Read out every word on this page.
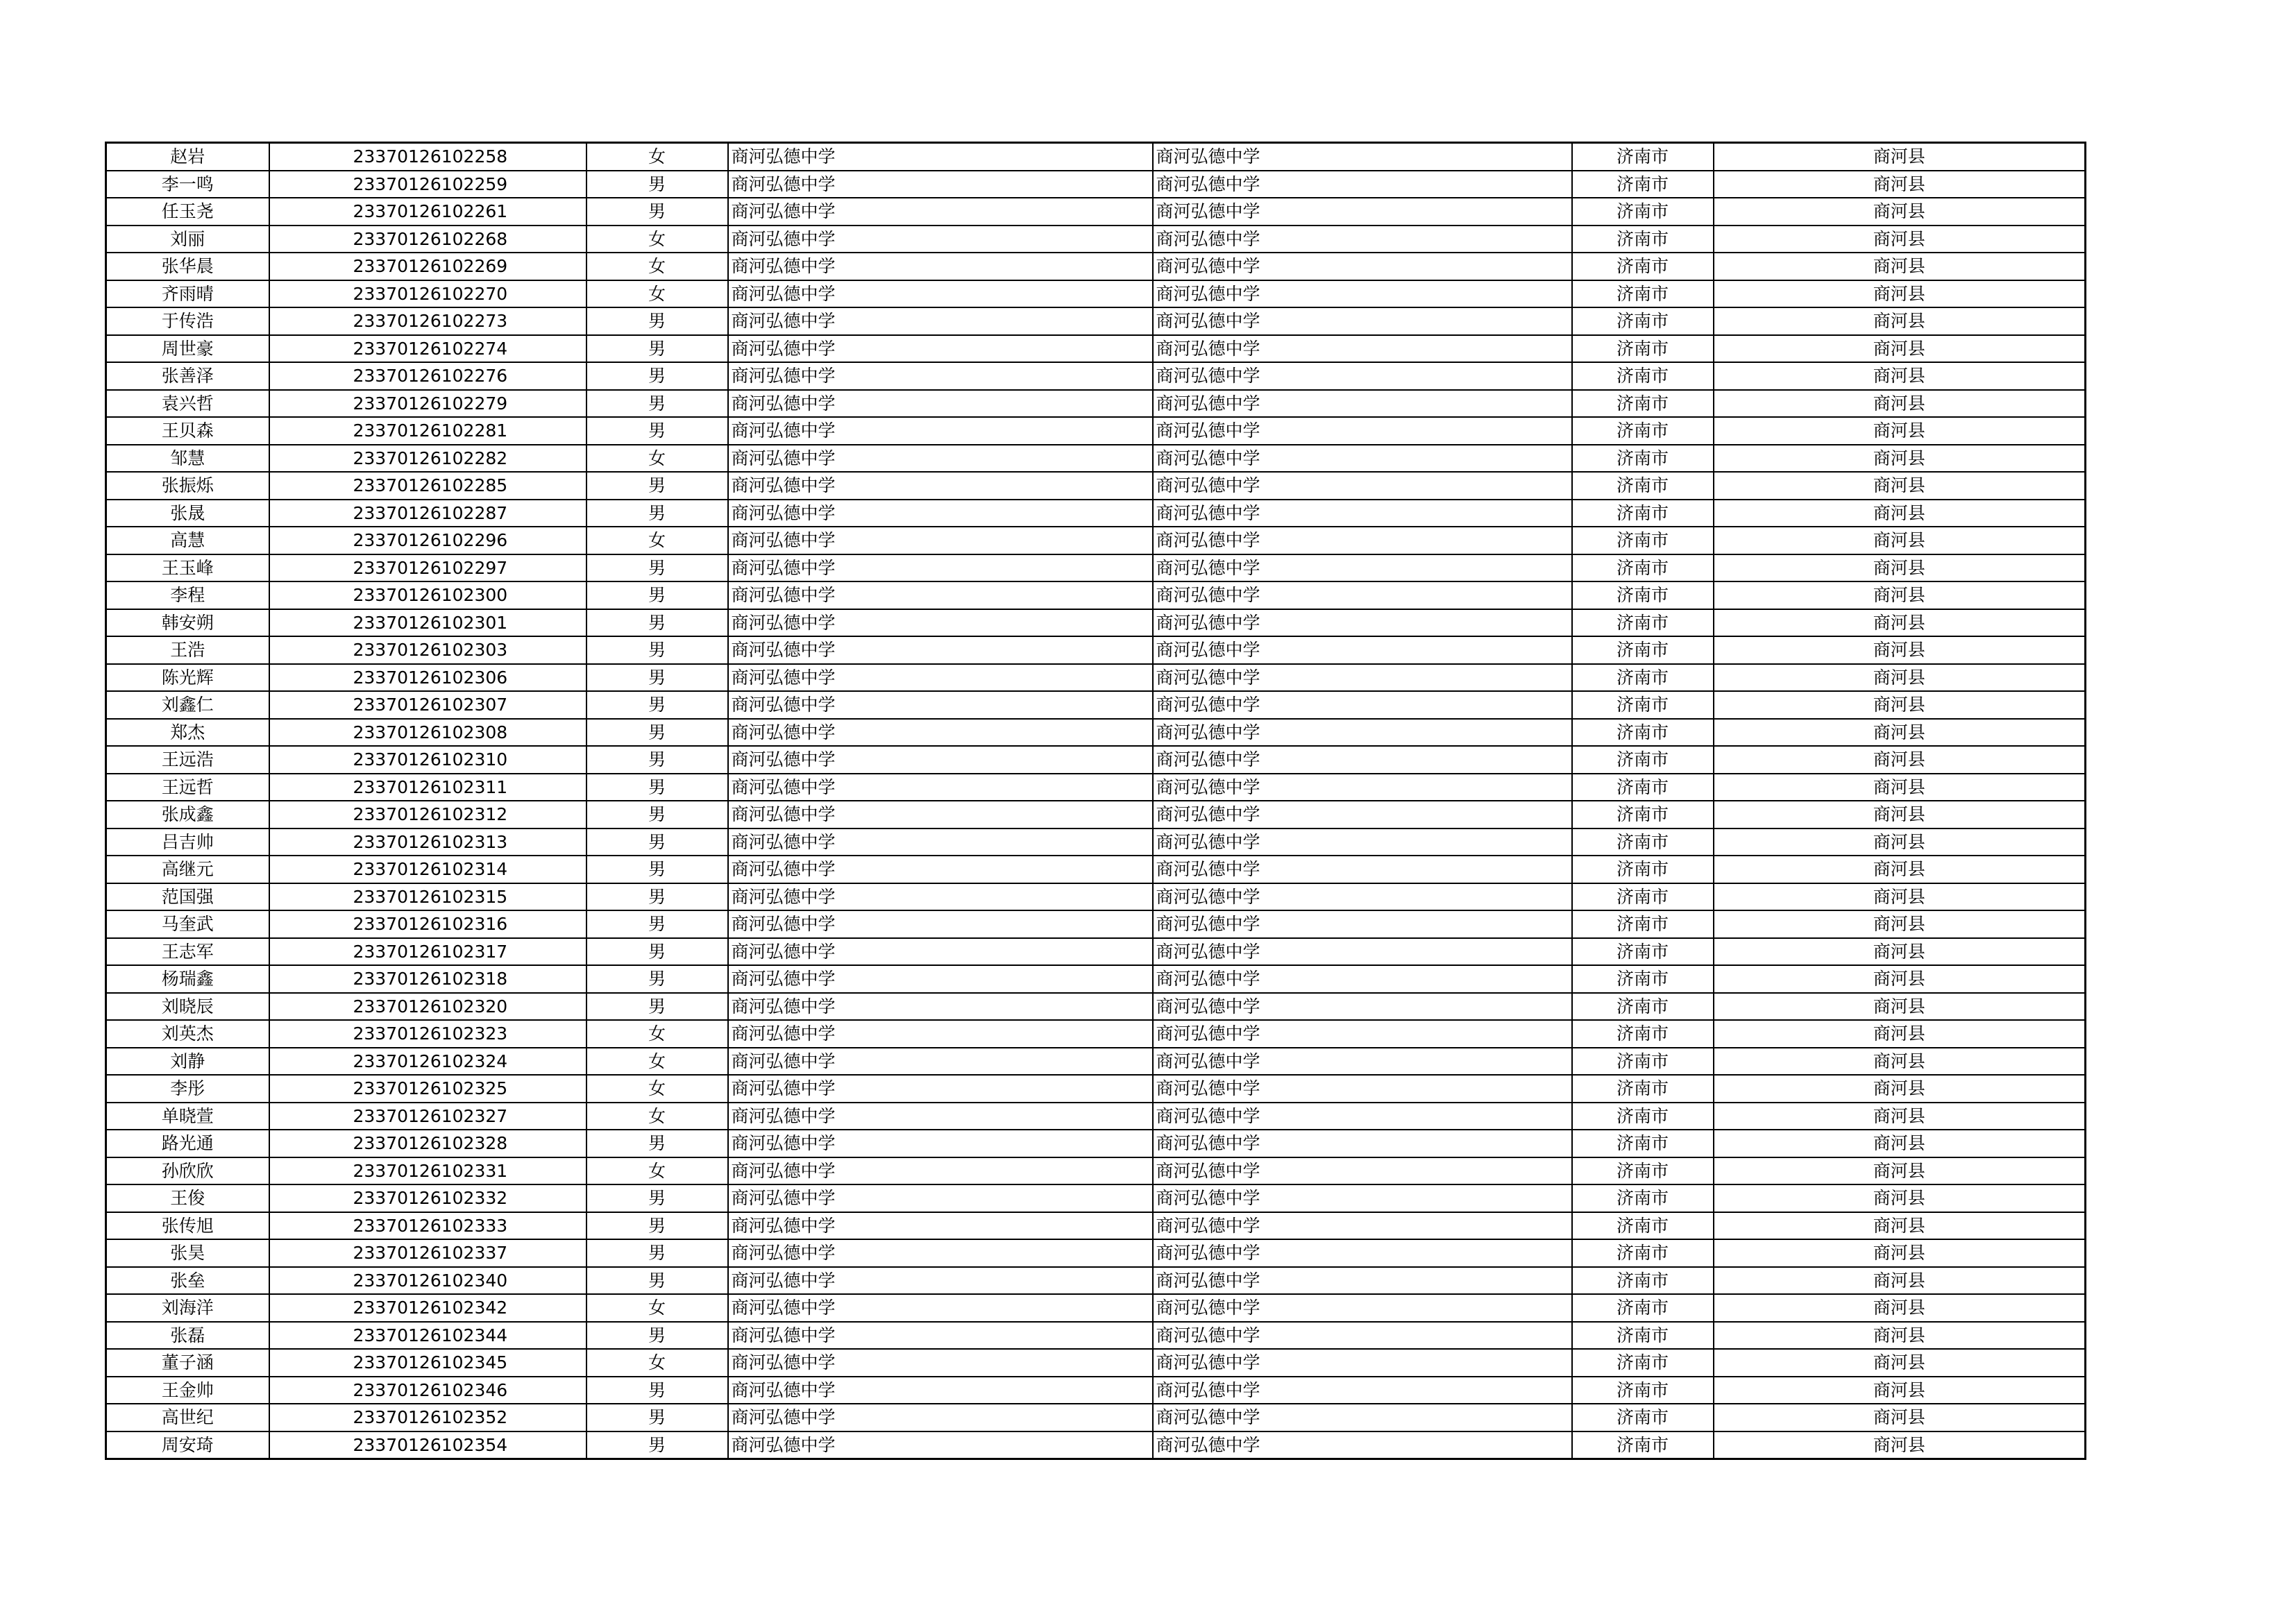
赵岩	23370126102258	女	商河弘德中学	商河弘德中学	济南市	商河县
李一鸣	23370126102259	男	商河弘德中学	商河弘德中学	济南市	商河县
任玉尧	23370126102261	男	商河弘德中学	商河弘德中学	济南市	商河县
刘丽	23370126102268	女	商河弘德中学	商河弘德中学	济南市	商河县
张华晨	23370126102269	女	商河弘德中学	商河弘德中学	济南市	商河县
齐雨晴	23370126102270	女	商河弘德中学	商河弘德中学	济南市	商河县
于传浩	23370126102273	男	商河弘德中学	商河弘德中学	济南市	商河县
周世豪	23370126102274	男	商河弘德中学	商河弘德中学	济南市	商河县
张善泽	23370126102276	男	商河弘德中学	商河弘德中学	济南市	商河县
袁兴哲	23370126102279	男	商河弘德中学	商河弘德中学	济南市	商河县
王贝森	23370126102281	男	商河弘德中学	商河弘德中学	济南市	商河县
邹慧	23370126102282	女	商河弘德中学	商河弘德中学	济南市	商河县
张振烁	23370126102285	男	商河弘德中学	商河弘德中学	济南市	商河县
张晟	23370126102287	男	商河弘德中学	商河弘德中学	济南市	商河县
高慧	23370126102296	女	商河弘德中学	商河弘德中学	济南市	商河县
王玉峰	23370126102297	男	商河弘德中学	商河弘德中学	济南市	商河县
李程	23370126102300	男	商河弘德中学	商河弘德中学	济南市	商河县
韩安朔	23370126102301	男	商河弘德中学	商河弘德中学	济南市	商河县
王浩	23370126102303	男	商河弘德中学	商河弘德中学	济南市	商河县
陈光辉	23370126102306	男	商河弘德中学	商河弘德中学	济南市	商河县
刘鑫仁	23370126102307	男	商河弘德中学	商河弘德中学	济南市	商河县
郑杰	23370126102308	男	商河弘德中学	商河弘德中学	济南市	商河县
王远浩	23370126102310	男	商河弘德中学	商河弘德中学	济南市	商河县
王远哲	23370126102311	男	商河弘德中学	商河弘德中学	济南市	商河县
张成鑫	23370126102312	男	商河弘德中学	商河弘德中学	济南市	商河县
吕吉帅	23370126102313	男	商河弘德中学	商河弘德中学	济南市	商河县
高继元	23370126102314	男	商河弘德中学	商河弘德中学	济南市	商河县
范国强	23370126102315	男	商河弘德中学	商河弘德中学	济南市	商河县
马奎武	23370126102316	男	商河弘德中学	商河弘德中学	济南市	商河县
王志军	23370126102317	男	商河弘德中学	商河弘德中学	济南市	商河县
杨瑞鑫	23370126102318	男	商河弘德中学	商河弘德中学	济南市	商河县
刘晓辰	23370126102320	男	商河弘德中学	商河弘德中学	济南市	商河县
刘英杰	23370126102323	女	商河弘德中学	商河弘德中学	济南市	商河县
刘静	23370126102324	女	商河弘德中学	商河弘德中学	济南市	商河县
李彤	23370126102325	女	商河弘德中学	商河弘德中学	济南市	商河县
单晓萱	23370126102327	女	商河弘德中学	商河弘德中学	济南市	商河县
路光通	23370126102328	男	商河弘德中学	商河弘德中学	济南市	商河县
孙欣欣	23370126102331	女	商河弘德中学	商河弘德中学	济南市	商河县
王俊	23370126102332	男	商河弘德中学	商河弘德中学	济南市	商河县
张传旭	23370126102333	男	商河弘德中学	商河弘德中学	济南市	商河县
张昊	23370126102337	男	商河弘德中学	商河弘德中学	济南市	商河县
张垒	23370126102340	男	商河弘德中学	商河弘德中学	济南市	商河县
刘海洋	23370126102342	女	商河弘德中学	商河弘德中学	济南市	商河县
张磊	23370126102344	男	商河弘德中学	商河弘德中学	济南市	商河县
董子涵	23370126102345	女	商河弘德中学	商河弘德中学	济南市	商河县
王金帅	23370126102346	男	商河弘德中学	商河弘德中学	济南市	商河县
高世纪	23370126102352	男	商河弘德中学	商河弘德中学	济南市	商河县
周安琦	23370126102354	男	商河弘德中学	商河弘德中学	济南市	商河县
